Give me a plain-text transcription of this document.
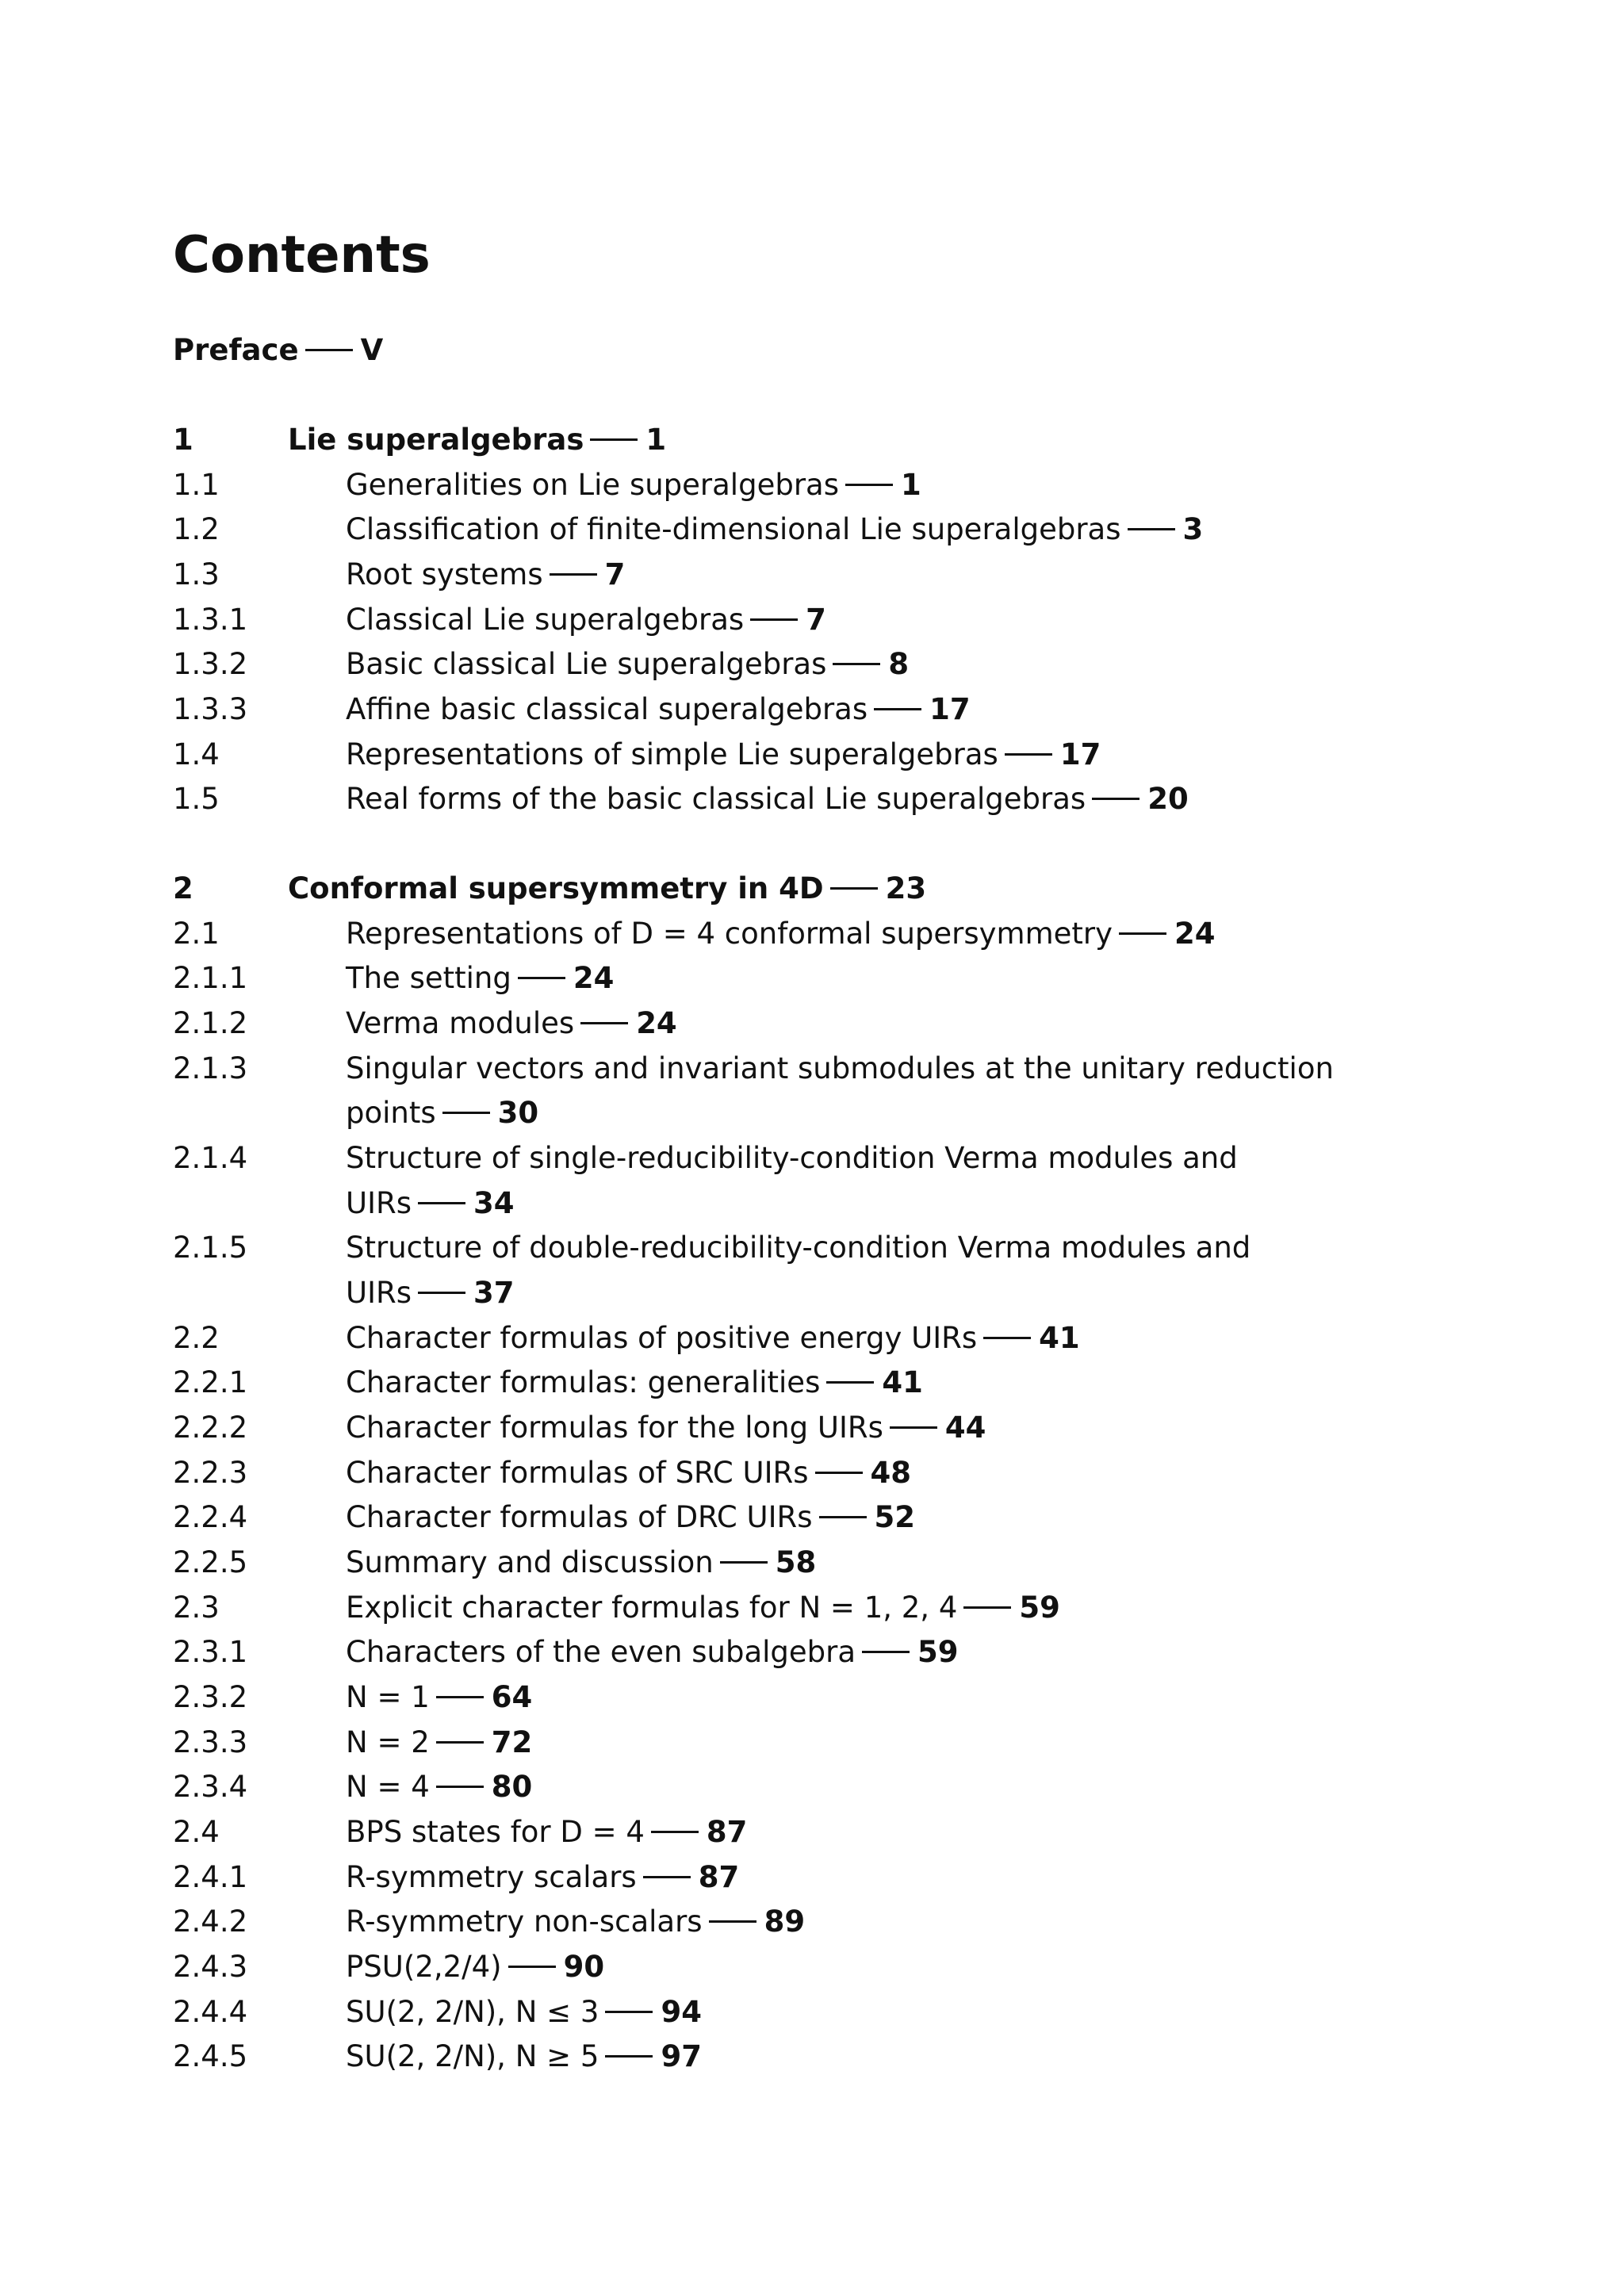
Contents
Preface V
1	Lie superalgebras 1
1.1	Generalities on Lie superalgebras 1
1.2	Classification of finite-dimensional Lie superalgebras 3
1.3	Root systems 7
1.3.1	Classical Lie superalgebras 7
1.3.2	Basic classical Lie superalgebras 8
1.3.3	Affine basic classical superalgebras 17
1.4	Representations of simple Lie superalgebras 17
1.5	Real forms of the basic classical Lie superalgebras 20
2	Conformal supersymmetry in 4D 23
2.1	Representations of D = 4 conformal supersymmetry 24
2.1.1	The setting 24
2.1.2	Verma modules 24
2.1.3	Singular vectors and invariant submodules at the unitary reduction
points 30
2.1.4	Structure of single-reducibility-condition Verma modules and
UIRs 34
2.1.5	Structure of double-reducibility-condition Verma modules and
UIRs 37
2.2	Character formulas of positive energy UIRs 41
2.2.1	Character formulas: generalities 41
2.2.2	Character formulas for the long UIRs 44
2.2.3	Character formulas of SRC UIRs 48
2.2.4	Character formulas of DRC UIRs 52
2.2.5	Summary and discussion 58
2.3	Explicit character formulas for N = 1, 2, 4 59
2.3.1	Characters of the even subalgebra 59
2.3.2	N = 1 64
2.3.3	N = 2 72
2.3.4	N = 4 80
2.4	BPS states for D = 4 87
2.4.1	R-symmetry scalars 87
2.4.2	R-symmetry non-scalars 89
2.4.3	PSU(2,2/4) 90
2.4.4	SU(2, 2/N), N ≤ 3 94
2.4.5	SU(2, 2/N), N ≥ 5 97
